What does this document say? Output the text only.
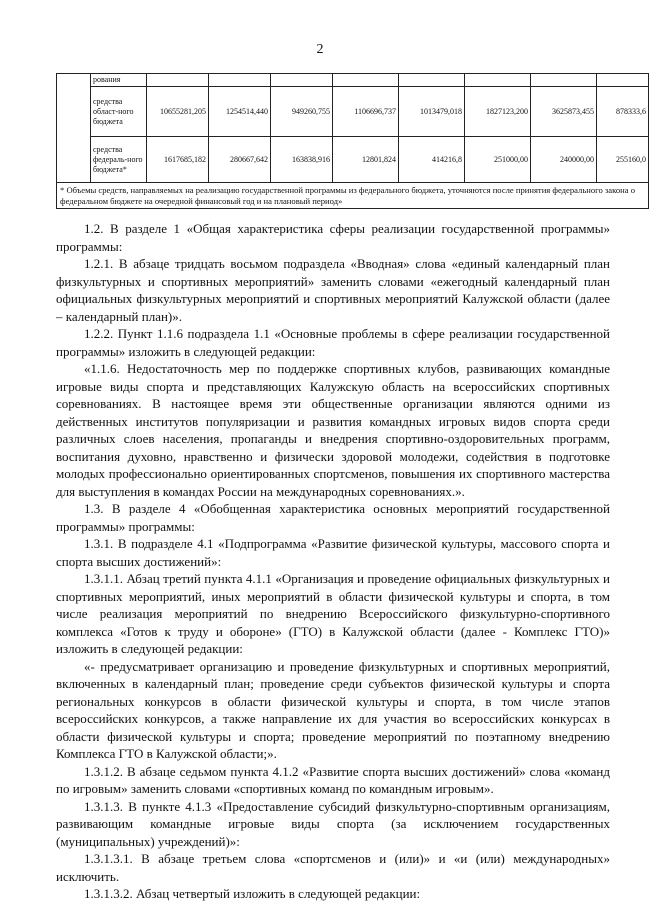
2
	рования								
	средства област-ного бюджета	10655281,205	1254514,440	949260,755	1106696,737	1013479,018	1827123,200	3625873,455	878333,6
	средства федераль-ного бюджета*	1617685,182	280667,642	163838,916	12801,824	414216,8	251000,00	240000,00	255160,0
* Объемы средств, направляемых на реализацию государственной программы из федерального бюджета, уточняются после принятия федерального закона о федеральном бюджете на очередной финансовый год и на плановый период»									

1.2. В разделе 1 «Общая характеристика сферы реализации государственной программы» программы:

1.2.1. В абзаце тридцать восьмом подраздела «Вводная» слова «единый календарный план физкультурных и спортивных мероприятий» заменить словами «ежегодный календарный план официальных физкультурных мероприятий и спортивных мероприятий Калужской области (далее – календарный план)».

1.2.2. Пункт 1.1.6 подраздела 1.1 «Основные проблемы в сфере реализации государственной программы» изложить в следующей редакции:

«1.1.6. Недостаточность мер по поддержке спортивных клубов, развивающих командные игровые виды спорта и представляющих Калужскую область на всероссийских спортивных соревнованиях. В настоящее время эти общественные организации являются одними из действенных институтов популяризации и развития командных игровых видов спорта среди различных слоев населения, пропаганды и внедрения спортивно-оздоровительных программ, воспитания духовно, нравственно и физически здоровой молодежи, содействия в подготовке молодых профессионально ориентированных спортсменов, повышения их спортивного мастерства для выступления в командах России на международных соревнованиях.».

1.3. В разделе 4 «Обобщенная характеристика основных мероприятий государственной программы» программы:

1.3.1. В подразделе 4.1 «Подпрограмма «Развитие физической культуры, массового спорта и спорта высших достижений»:

1.3.1.1. Абзац третий пункта 4.1.1 «Организация и проведение официальных физкультурных и спортивных мероприятий, иных мероприятий в области физической культуры и спорта, в том числе реализация мероприятий по внедрению Всероссийского физкультурно-спортивного комплекса «Готов к труду и обороне» (ГТО) в Калужской области (далее - Комплекс ГТО)» изложить в следующей редакции:

«- предусматривает организацию и проведение физкультурных и спортивных мероприятий, включенных в календарный план; проведение среди субъектов физической культуры и спорта региональных конкурсов в области физической культуры и спорта, в том числе этапов всероссийских конкурсов, а также направление их для участия во всероссийских конкурсах в области физической культуры и спорта; проведение мероприятий по поэтапному внедрению Комплекса ГТО в Калужской области;».

1.3.1.2. В абзаце седьмом пункта 4.1.2 «Развитие спорта высших достижений» слова «команд по игровым» заменить словами «спортивных команд по командным игровым».

1.3.1.3. В пункте 4.1.3 «Предоставление субсидий физкультурно-спортивным организациям, развивающим командные игровые виды спорта (за исключением государственных (муниципальных) учреждений)»:

1.3.1.3.1. В абзаце третьем слова «спортсменов и (или)» и «и (или) международных» исключить.

1.3.1.3.2. Абзац четвертый изложить в следующей редакции:
